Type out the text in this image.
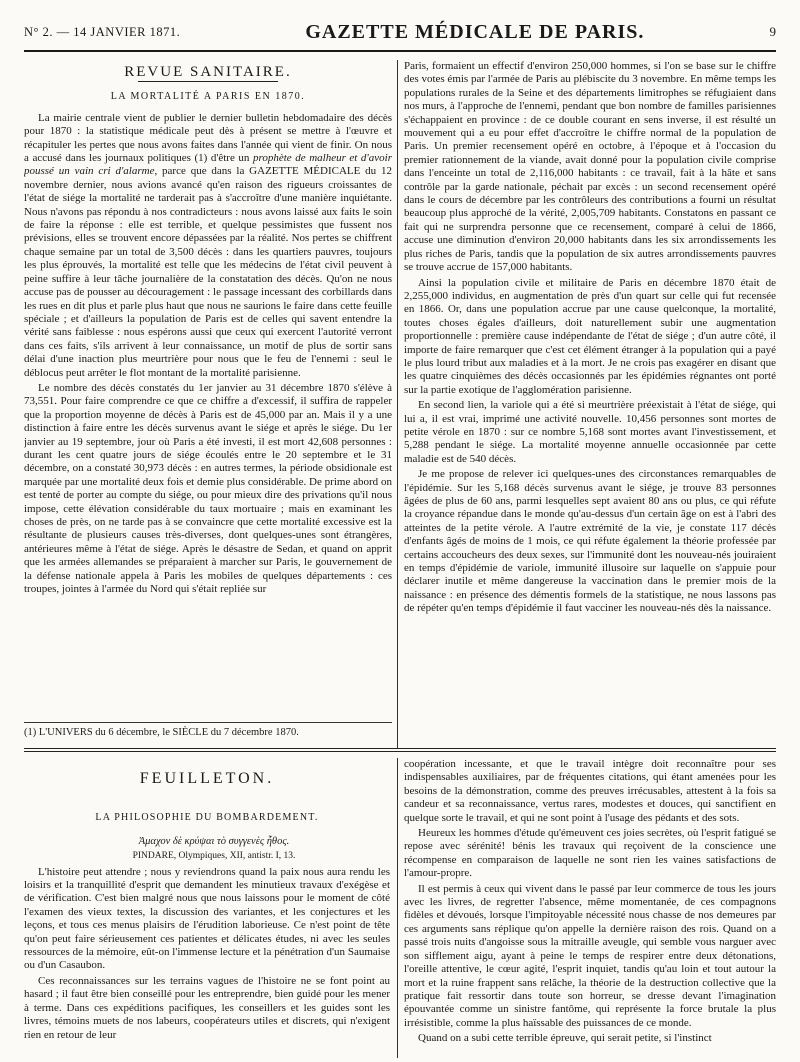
N° 2. — 14 JANVIER 1871.	GAZETTE MÉDICALE DE PARIS.	9
REVUE SANITAIRE.
LA MORTALITÉ A PARIS EN 1870.

La mairie centrale vient de publier le dernier bulletin hebdomadaire des décès pour 1870 : la statistique médicale peut dès à présent se mettre à l'œuvre et récapituler les pertes que nous avons faites dans l'année qui vient de finir. On nous a accusé dans les journaux politiques (1) d'être un prophète de malheur et d'avoir poussé un vain cri d'alarme, parce que dans la GAZETTE MÉDICALE du 12 novembre dernier, nous avions avancé qu'en raison des rigueurs croissantes de l'état de siége la mortalité ne tarderait pas à s'accroître d'une manière inquiétante. Nous n'avons pas répondu à nos contradicteurs : nous avons laissé aux faits le soin de faire la réponse : elle est terrible, et quelque pessimistes que fussent nos prévisions, elles se trouvent encore dépassées par la réalité. Nos pertes se chiffrent chaque semaine par un total de 3,500 décès : dans les quartiers pauvres, toujours les plus éprouvés, la mortalité est telle que les médecins de l'état civil peuvent à peine suffire à leur tâche journalière de la constatation des décès. Qu'on ne nous accuse pas de pousser au découragement : le passage incessant des corbillards dans les rues en dit plus et parle plus haut que nous ne saurions le faire dans cette feuille spéciale ; et d'ailleurs la population de Paris est de celles qui savent entendre la vérité sans faiblesse : nous espérons aussi que ceux qui exercent l'autorité verront dans ces faits, s'ils arrivent à leur connaissance, un motif de plus de sortir sans délai d'une inaction plus meurtrière pour nous que le feu de l'ennemi : seul le déblocus peut arrêter le flot montant de la mortalité parisienne.

Le nombre des décès constatés du 1er janvier au 31 décembre 1870 s'élève à 73,551. Pour faire comprendre ce que ce chiffre a d'excessif, il suffira de rappeler que la proportion moyenne de décès à Paris est de 45,000 par an. Mais il y a une distinction à faire entre les décès survenus avant le siége et après le siége. Du 1er janvier au 19 septembre, jour où Paris a été investi, il est mort 42,608 personnes : durant les cent quatre jours de siége écoulés entre le 20 septembre et le 31 décembre, on a constaté 30,973 décès : en autres termes, la période obsidionale est marquée par une mortalité deux fois et demie plus considérable. De prime abord on est tenté de porter au compte du siége, ou pour mieux dire des privations qu'il nous impose, cette élévation considérable du taux mortuaire ; mais en examinant les choses de près, on ne tarde pas à se convaincre que cette mortalité excessive est la résultante de plusieurs causes très-diverses, dont quelques-unes sont étrangères, antérieures même à l'état de siége. Après le désastre de Sedan, et quand on apprit que les armées allemandes se préparaient à marcher sur Paris, le gouvernement de la défense nationale appela à Paris les mobiles de quelques départements : ces troupes, jointes à l'armée du Nord qui s'était repliée sur

Paris, formaient un effectif d'environ 250,000 hommes, si l'on se base sur le chiffre des votes émis par l'armée de Paris au plébiscite du 3 novembre. En même temps les populations rurales de la Seine et des départements limitrophes se réfugiaient dans nos murs, à l'approche de l'ennemi, pendant que bon nombre de familles parisiennes s'échappaient en province : de ce double courant en sens inverse, il est résulté un mouvement qui a eu pour effet d'accroître le chiffre normal de la population de Paris. Un premier recensement opéré en octobre, à l'époque et à l'occasion du premier rationnement de la viande, avait donné pour la population civile comprise dans l'enceinte un total de 2,116,000 habitants : ce travail, fait à la hâte et sans contrôle par la garde nationale, péchait par excès : un second recensement opéré dans le cours de décembre par les contrôleurs des contributions a fourni un résultat beaucoup plus approché de la vérité, 2,005,709 habitants. Constatons en passant ce fait qui ne surprendra personne que ce recensement, comparé à celui de 1866, accuse une diminution d'environ 20,000 habitants dans les six arrondissements les plus riches de Paris, tandis que la population de six autres arrondissements pauvres se trouve accrue de 157,000 habitants.

Ainsi la population civile et militaire de Paris en décembre 1870 était de 2,255,000 individus, en augmentation de près d'un quart sur celle qui fut recensée en 1866. Or, dans une population accrue par une cause quelconque, la mortalité, toutes choses égales d'ailleurs, doit naturellement subir une augmentation proportionnelle : première cause indépendante de l'état de siége ; d'un autre côté, il importe de faire remarquer que c'est cet élément étranger à la population qui a payé le plus lourd tribut aux maladies et à la mort. Je ne crois pas exagérer en disant que les quatre cinquièmes des décès occasionnés par les épidémies régnantes ont porté sur la partie exotique de l'agglomération parisienne.

En second lien, la variole qui a été si meurtrière préexistait à l'état de siége, qui lui a, il est vrai, imprimé une activité nouvelle. 10,456 personnes sont mortes de petite vérole en 1870 : sur ce nombre 5,168 sont mortes avant l'investissement, et 5,288 pendant le siége. La mortalité moyenne annuelle occasionnée par cette maladie est de 540 décès.

Je me propose de relever ici quelques-unes des circonstances remarquables de l'épidémie. Sur les 5,168 décès survenus avant le siége, je trouve 83 personnes âgées de plus de 60 ans, parmi lesquelles sept avaient 80 ans ou plus, ce qui réfute la croyance répandue dans le monde qu'au-dessus d'un certain âge on est à l'abri des atteintes de la petite vérole. A l'autre extrémité de la vie, je constate 117 décès d'enfants âgés de moins de 1 mois, ce qui réfute également la théorie professée par certains accoucheurs des deux sexes, sur l'immunité dont les nouveau-nés jouiraient en temps d'épidémie de variole, immunité illusoire sur laquelle on s'appuie pour déclarer inutile et même dangereuse la vaccination dans le premier mois de la naissance : en présence des démentis formels de la statistique, ne nous lassons pas de répéter qu'en temps d'épidémie il faut vacciner les nouveau-nés dès la naissance.

(1) L'UNIVERS du 6 décembre, le SIÈCLE du 7 décembre 1870.
FEUILLETON.
LA PHILOSOPHIE DU BOMBARDEMENT.

Ἀμαχον δὲ κρύψαι τὸ συγγενὲς ἦθος.

PINDARE, Olympiques, XII, antistr. I, 13.

L'histoire peut attendre ; nous y reviendrons quand la paix nous aura rendu les loisirs et la tranquillité d'esprit que demandent les minutieux travaux d'exégèse et de vérification. C'est bien malgré nous que nous laissons pour le moment de côté l'examen des vieux textes, la discussion des variantes, et les conjectures et les leçons, et tous ces menus plaisirs de l'érudition laborieuse. Ce n'est point de tête qu'on peut faire sérieusement ces patientes et délicates études, ni avec les seules ressources de la mémoire, eût-on l'immense lecture et la pénétration d'un Saumaise ou d'un Casaubon.

Ces reconnaissances sur les terrains vagues de l'histoire ne se font point au hasard ; il faut être bien conseillé pour les entreprendre, bien guidé pour les mener à terme. Dans ces expéditions pacifiques, les conseillers et les guides sont les livres, témoins muets de nos labeurs, coopérateurs utiles et discrets, qui n'exigent rien en retour de leur

coopération incessante, et que le travail intègre doit reconnaître pour ses indispensables auxiliaires, par de fréquentes citations, qui étant amenées pour les besoins de la démonstration, comme des preuves irrécusables, attestent à la fois sa candeur et sa reconnaissance, vertus rares, modestes et douces, qui sanctifient en quelque sorte le travail, et qui ne sont point à l'usage des pédants et des sots.

Heureux les hommes d'étude qu'émeuvent ces joies secrètes, où l'esprit fatigué se repose avec sérénité! bénis les travaux qui reçoivent de la conscience une récompense en comparaison de laquelle ne sont rien les vaines satisfactions de l'amour-propre.

Il est permis à ceux qui vivent dans le passé par leur commerce de tous les jours avec les livres, de regretter l'absence, même momentanée, de ces compagnons fidèles et dévoués, lorsque l'impitoyable nécessité nous chasse de nos demeures par ces arguments sans réplique qu'on appelle la dernière raison des rois. Quand on a passé trois nuits d'angoisse sous la mitraille aveugle, qui semble vous narguer avec son sifflement aigu, ayant à peine le temps de respirer entre deux détonations, l'oreille attentive, le cœur agité, l'esprit inquiet, tandis qu'au loin et tout autour la mort et la ruine frappent sans relâche, la théorie de la destruction collective que la pratique fait ressortir dans toute son horreur, se dresse devant l'imagination épouvantée comme un sinistre fantôme, qui représente la force brutale la plus irrésistible, comme la plus haïssable des puissances de ce monde.

Quand on a subi cette terrible épreuve, qui serait petite, si l'instinct
